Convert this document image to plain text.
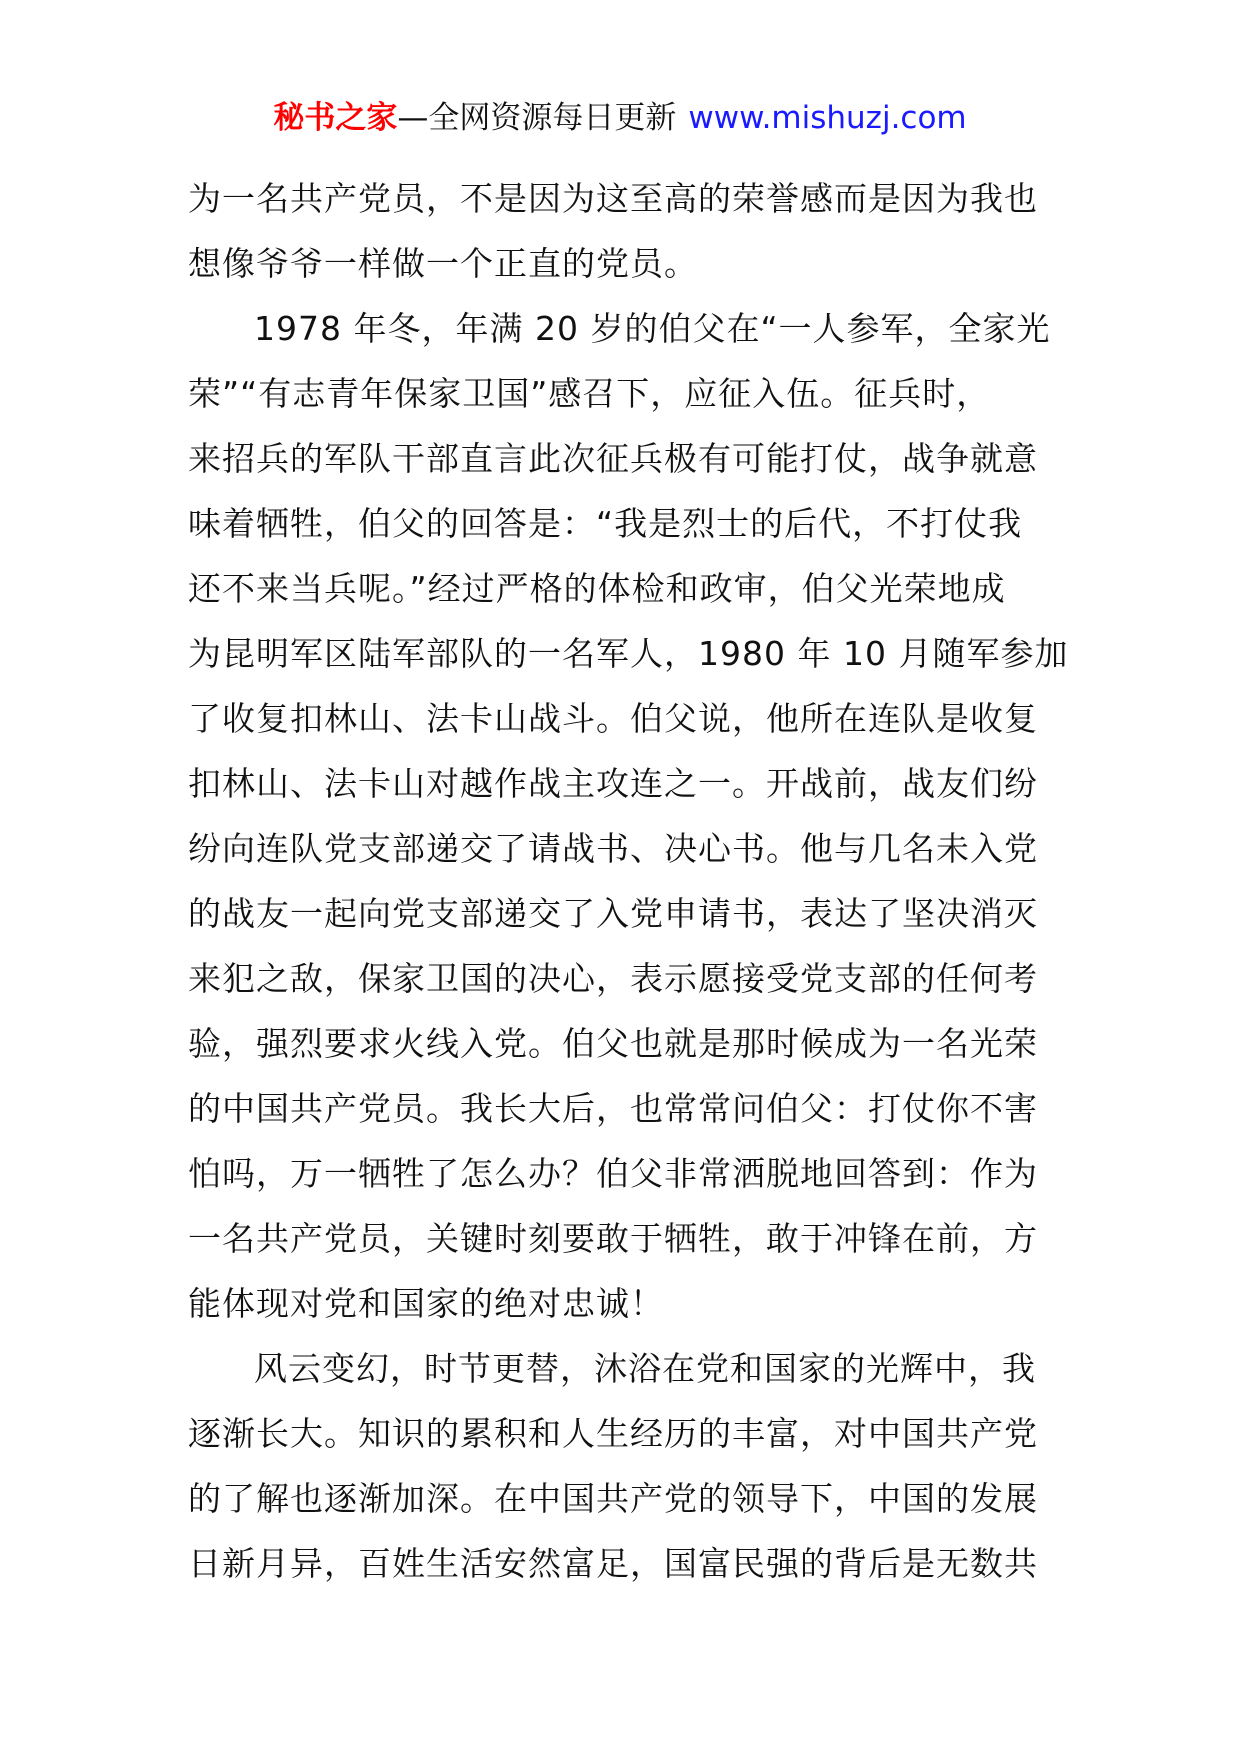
秘书之家—全网资源每日更新 www.mishuzj.com

为一名共产党员，不是因为这至高的荣誉感而是因为我也
想像爷爷一样做一个正直的党员。

1978 年冬，年满 20 岁的伯父在“一人参军，全家光
荣”“有志青年保家卫国”感召下，应征入伍。征兵时，
来招兵的军队干部直言此次征兵极有可能打仗，战争就意
味着牺牲，伯父的回答是：“我是烈士的后代，不打仗我
还不来当兵呢。”经过严格的体检和政审，伯父光荣地成
为昆明军区陆军部队的一名军人，1980 年 10 月随军参加
了收复扣林山、法卡山战斗。伯父说，他所在连队是收复
扣林山、法卡山对越作战主攻连之一。开战前，战友们纷
纷向连队党支部递交了请战书、决心书。他与几名未入党
的战友一起向党支部递交了入党申请书，表达了坚决消灭
来犯之敌，保家卫国的决心，表示愿接受党支部的任何考
验，强烈要求火线入党。伯父也就是那时候成为一名光荣
的中国共产党员。我长大后，也常常问伯父：打仗你不害
怕吗，万一牺牲了怎么办？伯父非常洒脱地回答到：作为
一名共产党员，关键时刻要敢于牺牲，敢于冲锋在前，方
能体现对党和国家的绝对忠诚！

风云变幻，时节更替，沐浴在党和国家的光辉中，我
逐渐长大。知识的累积和人生经历的丰富，对中国共产党
的了解也逐渐加深。在中国共产党的领导下，中国的发展
日新月异，百姓生活安然富足，国富民强的背后是无数共
